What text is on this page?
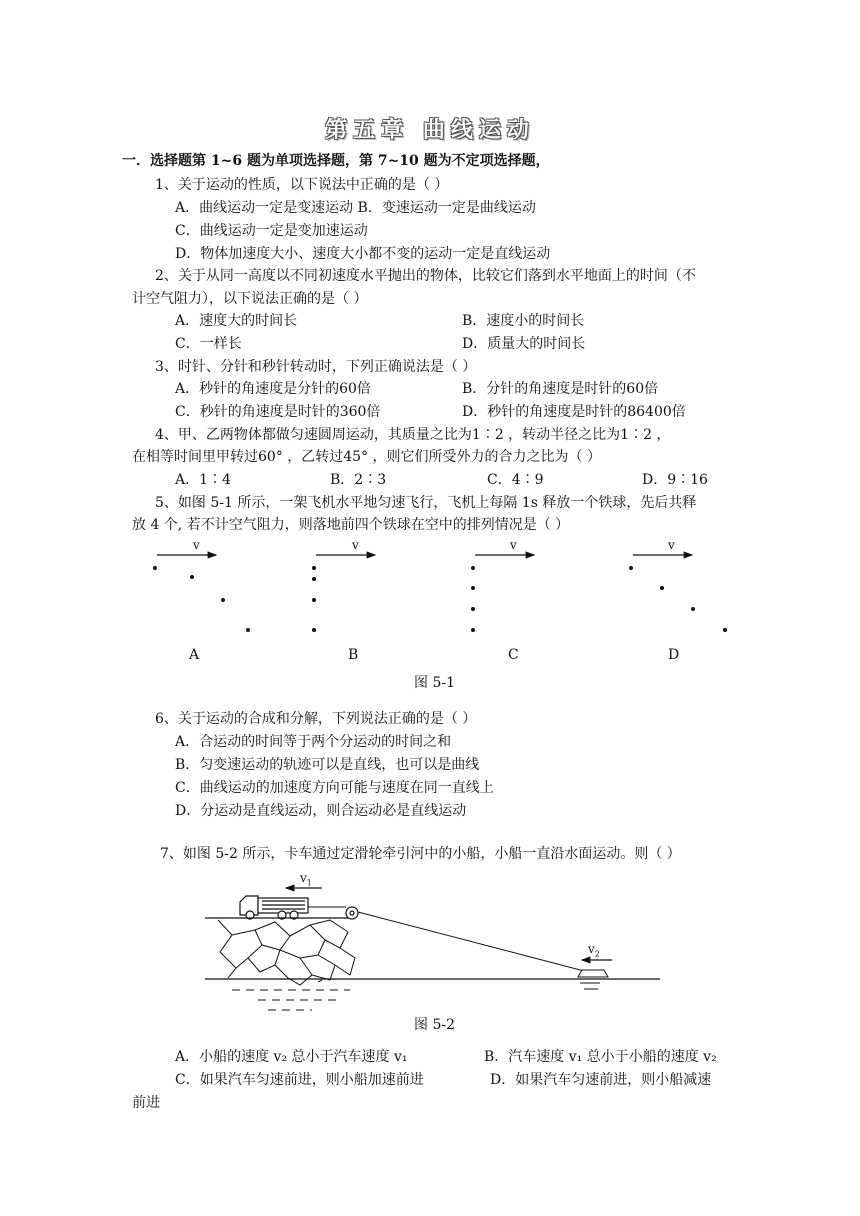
第五章 曲线运动
一．选择题第 1~6 题为单项选择题，第 7~10 题为不定项选择题，
1、关于运动的性质，以下说法中正确的是（ ）
A．曲线运动一定是变速运动 B．变速运动一定是曲线运动
C．曲线运动一定是变加速运动
D．物体加速度大小、速度大小都不变的运动一定是直线运动
2、关于从同一高度以不同初速度水平抛出的物体，比较它们落到水平地面上的时间（不
计空气阻力），以下说法正确的是（ ）
A．速度大的时间长	B．速度小的时间长
C．一样长	D．质量大的时间长
3、时针、分针和秒针转动时，下列正确说法是（ ）
A．秒针的角速度是分针的60倍	B．分针的角速度是时针的60倍
C．秒针的角速度是时针的360倍	D．秒针的角速度是时针的86400倍
4、甲、乙两物体都做匀速圆周运动，其质量之比为1∶2 ，转动半径之比为1∶2 ，
在相等时间里甲转过60° ，乙转过45° ，则它们所受外力的合力之比为（ ）
A．1∶4	B．2∶3	C．4∶9	D．9∶16
5、如图 5-1 所示，一架飞机水平地匀速飞行，飞机上每隔 1s 释放一个铁球，先后共释
放 4 个, 若不计空气阻力，则落地前四个铁球在空中的排列情况是（ ）
v	v	v	v
A	B	C	D
图 5-1
6、关于运动的合成和分解，下列说法正确的是（ ）
A．合运动的时间等于两个分运动的时间之和
B．匀变速运动的轨迹可以是直线，也可以是曲线
C．曲线运动的加速度方向可能与速度在同一直线上
D．分运动是直线运动，则合运动必是直线运动
7、如图 5-2 所示，卡车通过定滑轮牵引河中的小船，小船一直沿水面运动。则（ ）
$v_1$
$v_2$
图 5-2
A．小船的速度 v₂ 总小于汽车速度 v₁	B．汽车速度 v₁ 总小于小船的速度 v₂
C．如果汽车匀速前进，则小船加速前进	D．如果汽车匀速前进，则小船减速
前进
